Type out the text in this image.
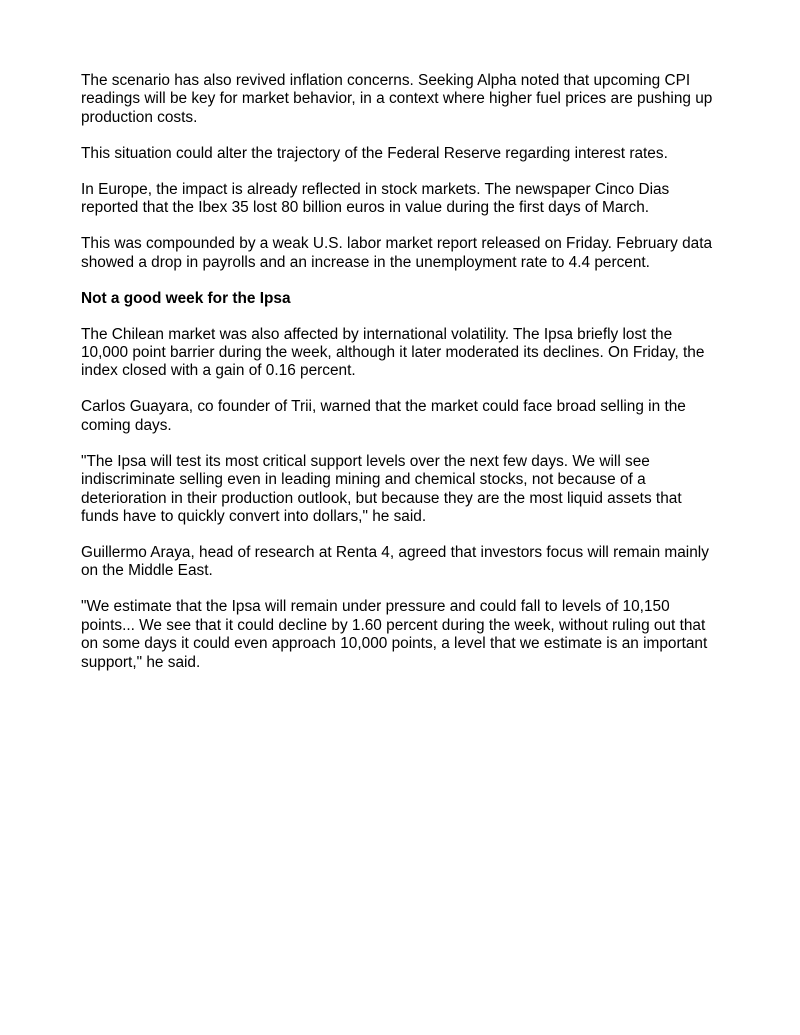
The scenario has also revived inflation concerns. Seeking Alpha noted that upcoming CPI readings will be key for market behavior, in a context where higher fuel prices are pushing up production costs.

This situation could alter the trajectory of the Federal Reserve regarding interest rates.

In Europe, the impact is already reflected in stock markets. The newspaper Cinco Dias reported that the Ibex 35 lost 80 billion euros in value during the first days of March.

This was compounded by a weak U.S. labor market report released on Friday. February data showed a drop in payrolls and an increase in the unemployment rate to 4.4 percent.

Not a good week for the Ipsa

The Chilean market was also affected by international volatility. The Ipsa briefly lost the 10,000 point barrier during the week, although it later moderated its declines. On Friday, the index closed with a gain of 0.16 percent.

Carlos Guayara, co founder of Trii, warned that the market could face broad selling in the coming days.

"The Ipsa will test its most critical support levels over the next few days. We will see indiscriminate selling even in leading mining and chemical stocks, not because of a deterioration in their production outlook, but because they are the most liquid assets that funds have to quickly convert into dollars," he said.

Guillermo Araya, head of research at Renta 4, agreed that investors focus will remain mainly on the Middle East.

"We estimate that the Ipsa will remain under pressure and could fall to levels of 10,150 points... We see that it could decline by 1.60 percent during the week, without ruling out that on some days it could even approach 10,000 points, a level that we estimate is an important support," he said.
